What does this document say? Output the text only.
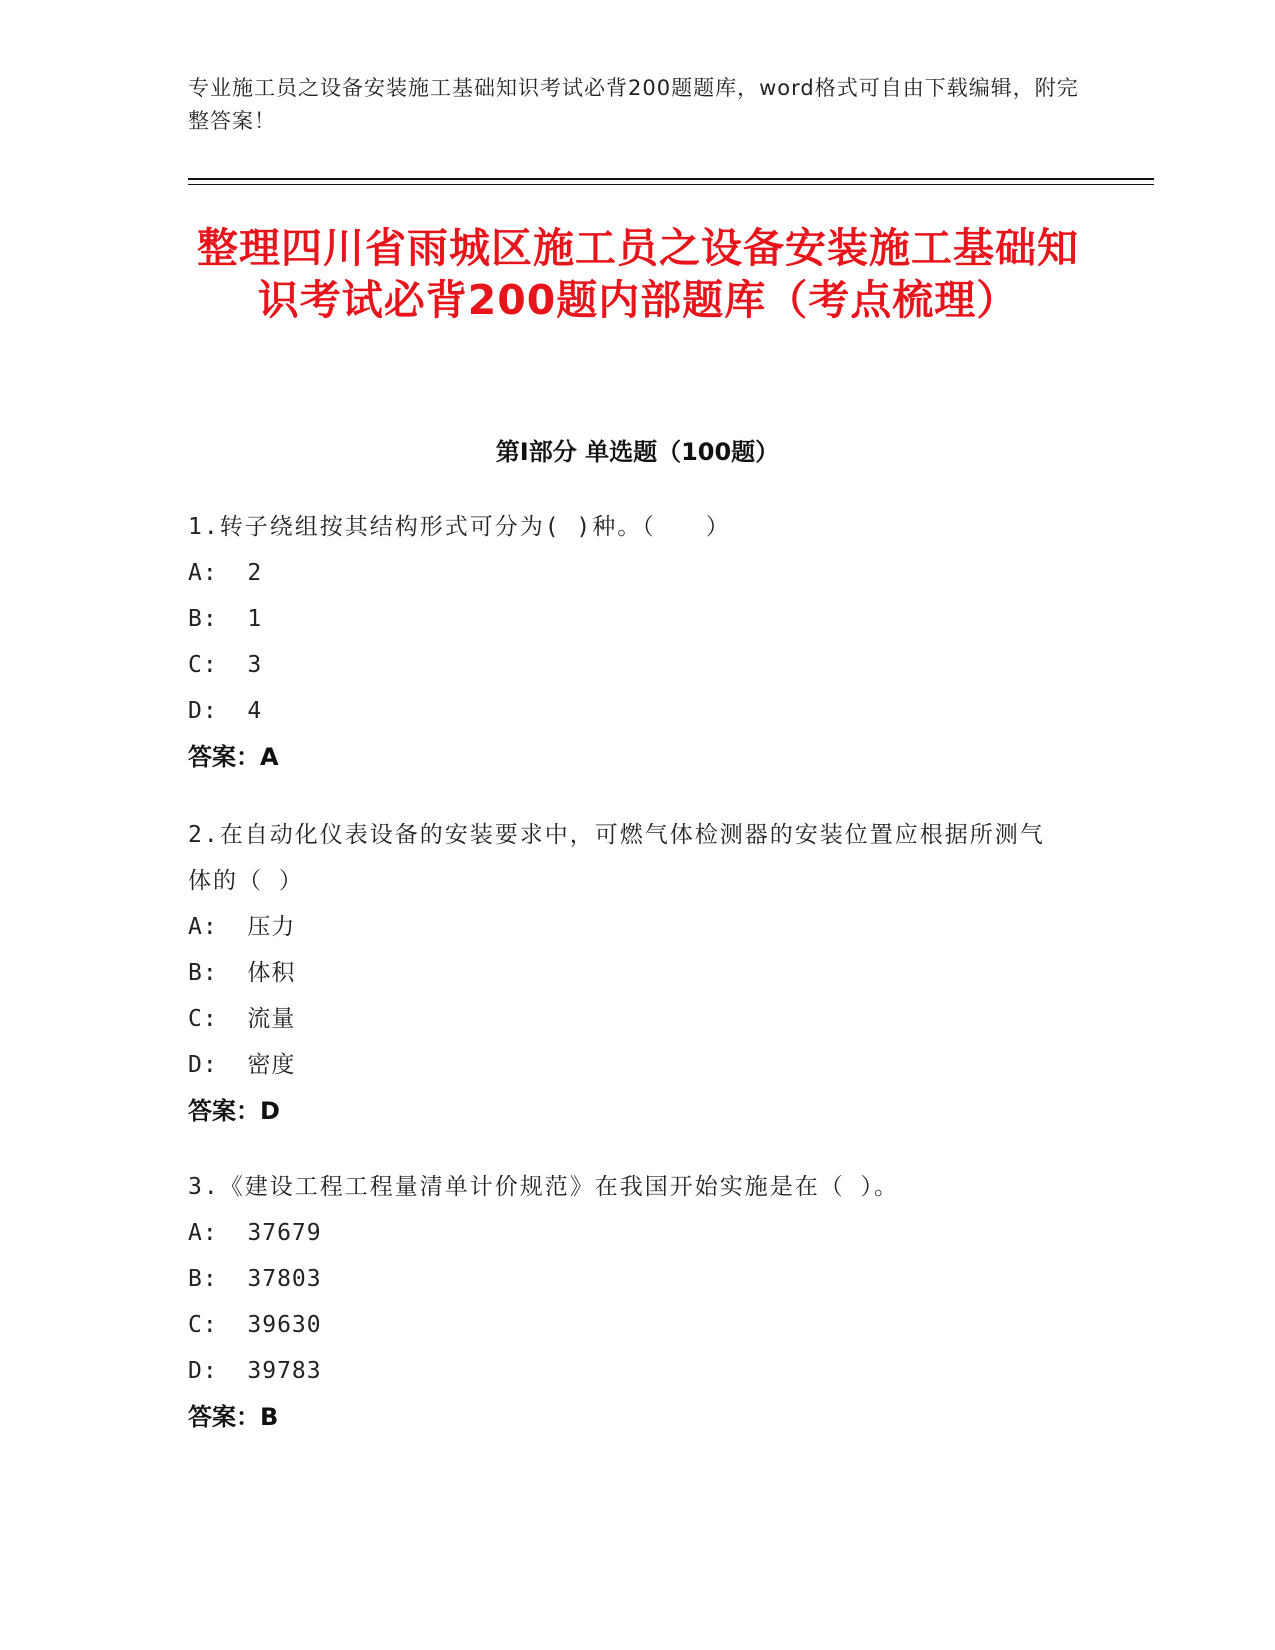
专业施工员之设备安装施工基础知识考试必背200题题库，word格式可自由下载编辑，附完整答案！
整理四川省雨城区施工员之设备安装施工基础知识考试必背200题内部题库（考点梳理）
第I部分 单选题（100题）
1.转子绕组按其结构形式可分为( )种。（　　）
A:  2
B:  1
C:  3
D:  4
答案：A
2.在自动化仪表设备的安装要求中，可燃气体检测器的安装位置应根据所测气体的（ ）
A:  压力
B:  体积
C:  流量
D:  密度
答案：D
3.《建设工程工程量清单计价规范》在我国开始实施是在（ ）。
A:  37679
B:  37803
C:  39630
D:  39783
答案：B
